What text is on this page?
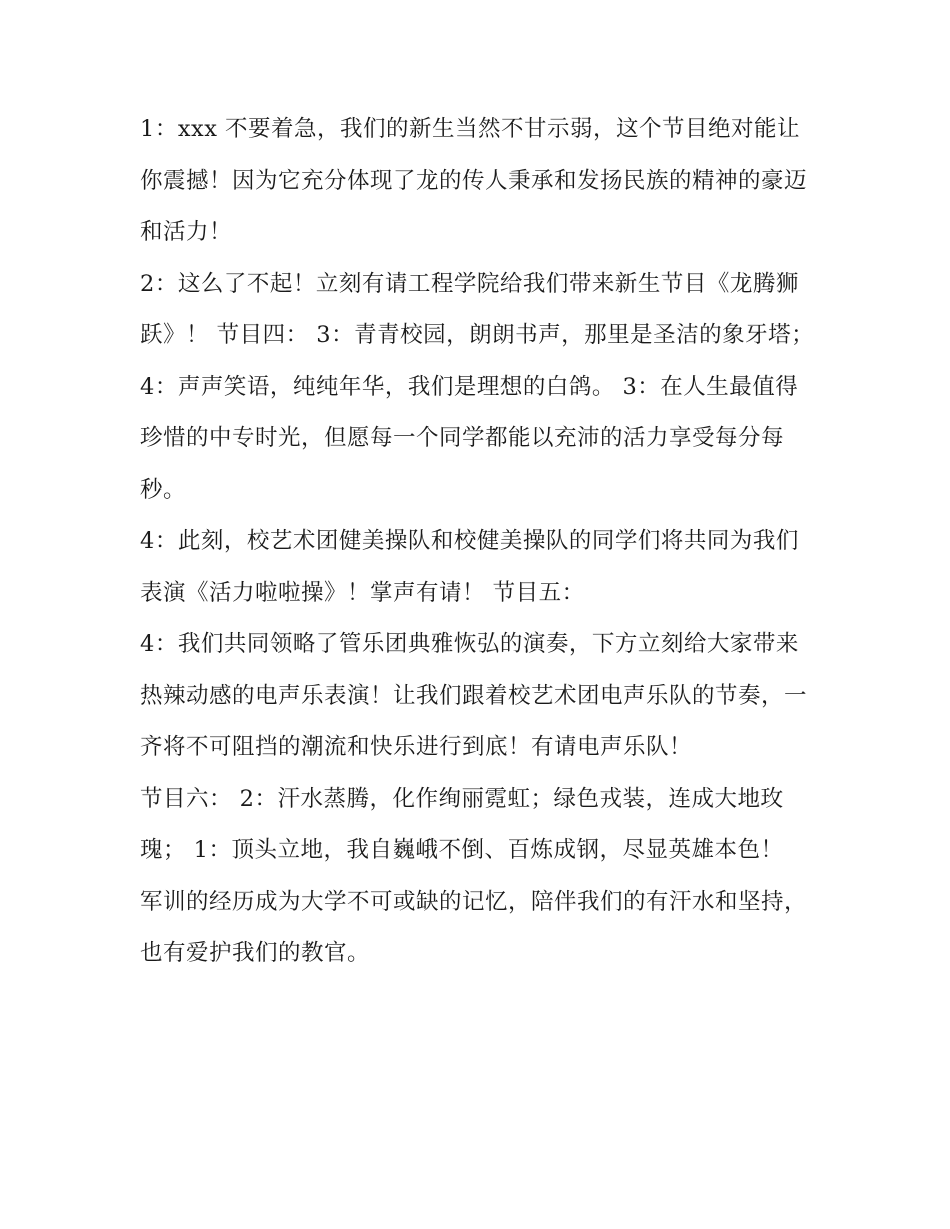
1：xxx 不要着急，我们的新生当然不甘示弱，这个节目绝对能让你震撼！因为它充分体现了龙的传人秉承和发扬民族的精神的豪迈和活力！

2：这么了不起！立刻有请工程学院给我们带来新生节目《龙腾狮跃》！ 节目四： 3：青青校园，朗朗书声，那里是圣洁的象牙塔；

4：声声笑语，纯纯年华，我们是理想的白鸽。 3：在人生最值得珍惜的中专时光，但愿每一个同学都能以充沛的活力享受每分每秒。

4：此刻，校艺术团健美操队和校健美操队的同学们将共同为我们表演《活力啦啦操》！掌声有请！ 节目五：

4：我们共同领略了管乐团典雅恢弘的演奏，下方立刻给大家带来热辣动感的电声乐表演！让我们跟着校艺术团电声乐队的节奏，一齐将不可阻挡的潮流和快乐进行到底！有请电声乐队！

节目六： 2：汗水蒸腾，化作绚丽霓虹；绿色戎装，连成大地玫瑰； 1：顶头立地，我自巍峨不倒、百炼成钢，尽显英雄本色！

军训的经历成为大学不可或缺的记忆，陪伴我们的有汗水和坚持，也有爱护我们的教官。
